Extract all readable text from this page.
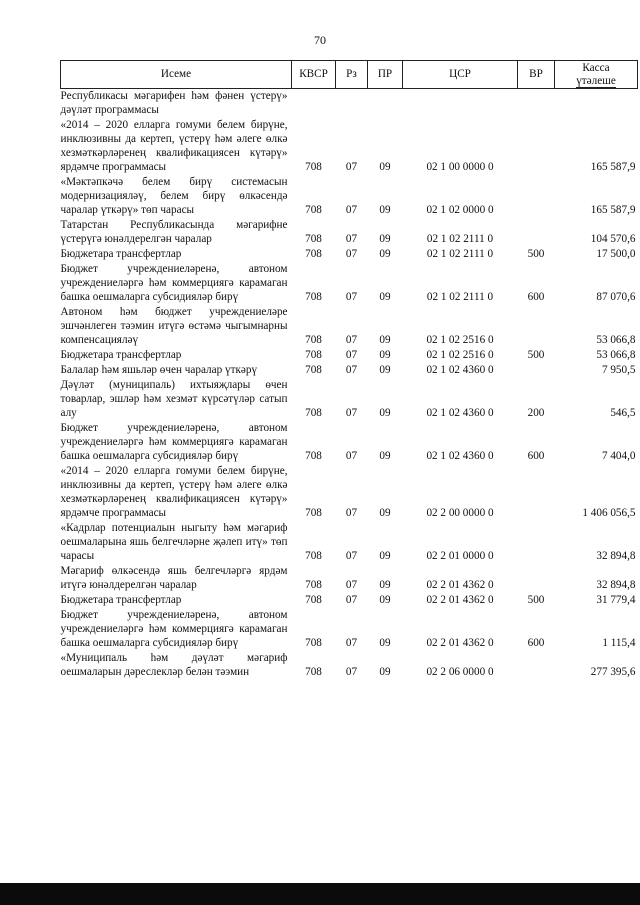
70
Исеме	КВСР	Рз	ПР	ЦСР	ВР	Касса
үтәлеше
Республикасы мәгарифен һәм фәнен үстерү» дәүләт программасы						
«2014 – 2020 елларга гомуми белем бирүне, инклюзивны да кертеп, үстерү һәм әлеге өлкә хезмәткәрләренең квалификациясен күтәрү» ярдәмче программасы	708	07	09	02 1 00 0000 0		165 587,9
«Мәктәпкәчә белем бирү системасын модернизацияләү, белем бирү өлкәсендә чаралар үткәрү» төп чарасы	708	07	09	02 1 02 0000 0		165 587,9
Татарстан Республикасында мәгарифне үстерүгә юнәлдерелгән чаралар	708	07	09	02 1 02 2111 0		104 570,6
Бюджетара трансфертлар	708	07	09	02 1 02 2111 0	500	17 500,0
Бюджет учреждениеләренә, автоном учреждениеләргә һәм коммерциягә карамаган башка оешмаларга субсидияләр бирү	708	07	09	02 1 02 2111 0	600	87 070,6
Автоном һәм бюджет учреждениеләре эшчәнлеген тәэмин итүгә өстәмә чыгымнарны компенсацияләү	708	07	09	02 1 02 2516 0		53 066,8
Бюджетара трансфертлар	708	07	09	02 1 02 2516 0	500	53 066,8
Балалар һәм яшьләр өчен чаралар үткәрү	708	07	09	02 1 02 4360 0		7 950,5
Дәүләт (муниципаль) ихтыяҗлары өчен товарлар, эшләр һәм хезмәт күрсәтүләр сатып алу	708	07	09	02 1 02 4360 0	200	546,5
Бюджет учреждениеләренә, автоном учреждениеләргә һәм коммерциягә карамаган башка оешмаларга субсидияләр бирү	708	07	09	02 1 02 4360 0	600	7 404,0
«2014 – 2020 елларга гомуми белем бирүне, инклюзивны да кертеп, үстерү һәм әлеге өлкә хезмәткәрләренең квалификациясен күтәрү» ярдәмче программасы	708	07	09	02 2 00 0000 0		1 406 056,5
«Кадрлар потенциалын ныгыту һәм мәгариф оешмаларына яшь белгечләрне җәлеп итү» төп чарасы	708	07	09	02 2 01 0000 0		32 894,8
Мәгариф өлкәсендә яшь белгечләргә ярдәм итүгә юнәлдерелгән чаралар	708	07	09	02 2 01 4362 0		32 894,8
Бюджетара трансфертлар	708	07	09	02 2 01 4362 0	500	31 779,4
Бюджет учреждениеләренә, автоном учреждениеләргә һәм коммерциягә карамаган башка оешмаларга субсидияләр бирү	708	07	09	02 2 01 4362 0	600	1 115,4
«Муниципаль һәм дәүләт мәгариф оешмаларын дәреслекләр белән тәэмин	708	07	09	02 2 06 0000 0		277 395,6
